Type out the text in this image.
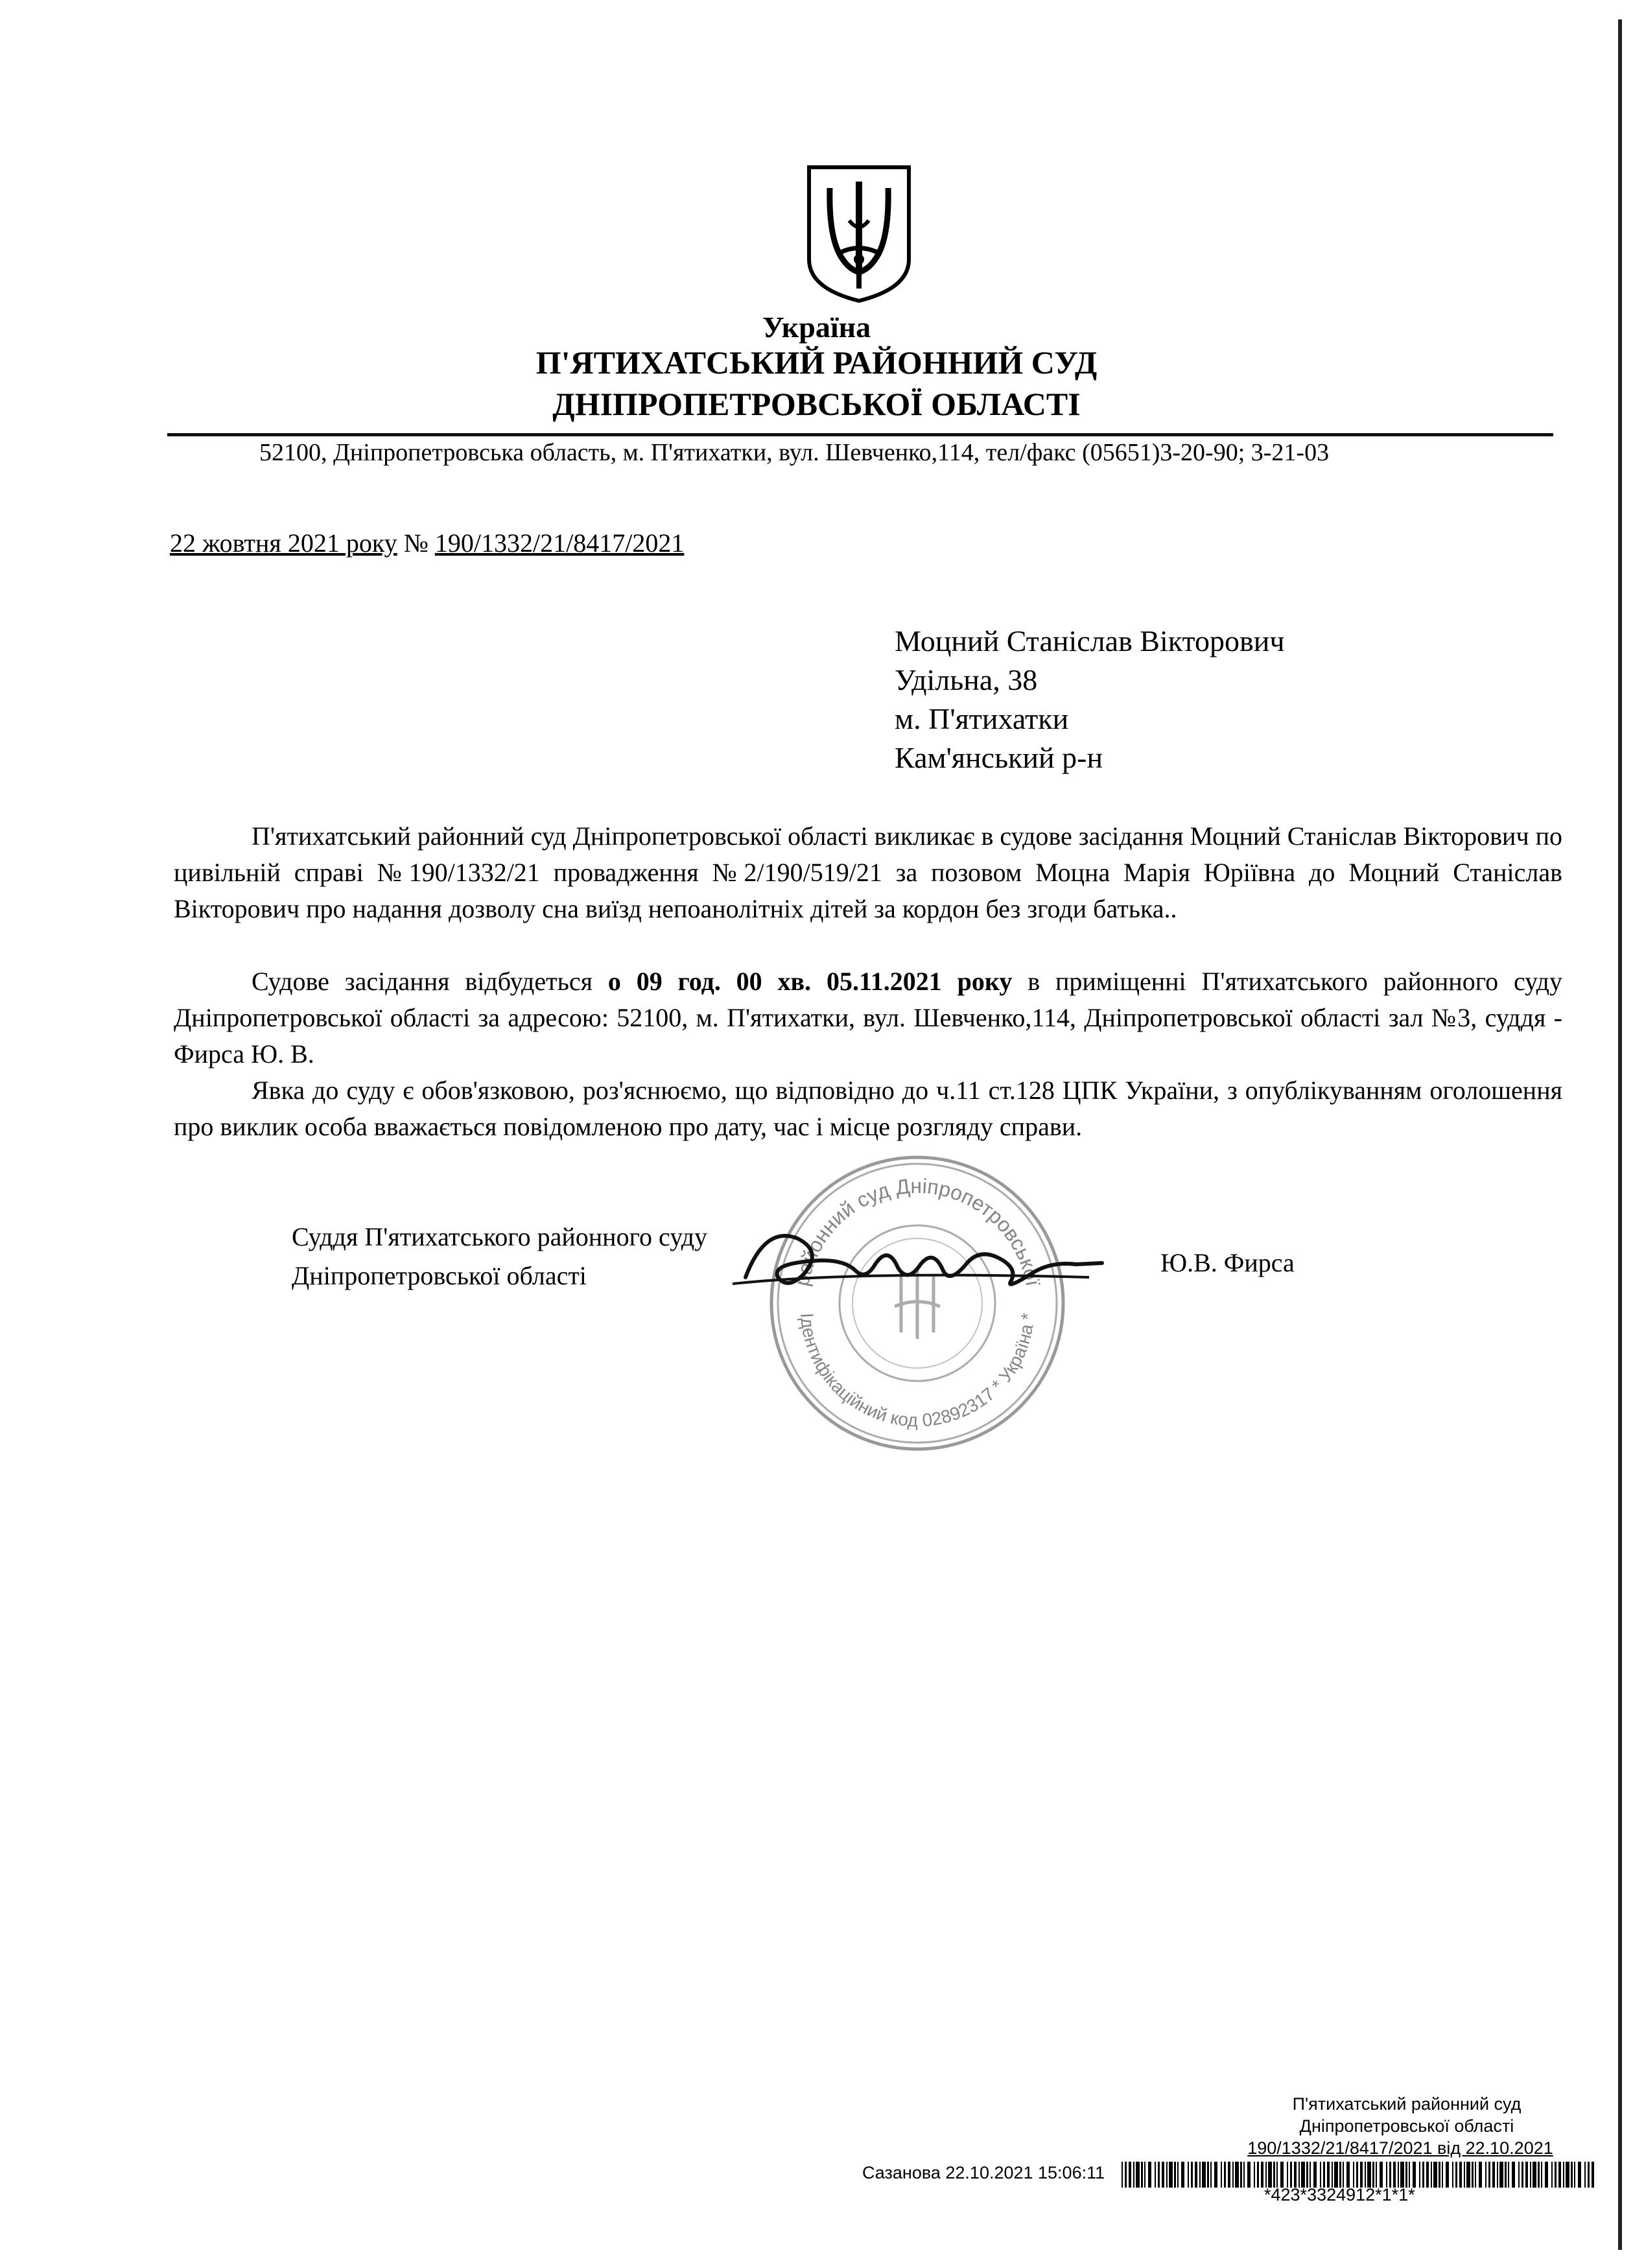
Україна
П'ЯТИХАТСЬКИЙ РАЙОННИЙ СУД
ДНІПРОПЕТРОВСЬКОЇ ОБЛАСТІ
52100, Дніпропетровська область, м. П'ятихатки, вул. Шевченко,114, тел/факс (05651)3-20-90; 3-21-03
22 жовтня 2021 року № 190/1332/21/8417/2021
Моцний Станіслав Вікторович
Удільна, 38
м. П'ятихатки
Кам'янський р-н
П'ятихатський районний суд Дніпропетровської області викликає в судове засідання Моцний Станіслав Вікторович по цивільній справі №190/1332/21 провадження №2/190/519/21 за позовом Моцна Марія Юріївна до Моцний Станіслав Вікторович про надання дозволу сна виїзд непоанолітніх дітей за кордон без згоди батька..
Судове засідання відбудеться о 09 год. 00 хв. 05.11.2021 року в приміщенні П'ятихатського районного суду Дніпропетровської області за адресою: 52100, м. П'ятихатки, вул. Шевченко,114, Дніпропетровської області зал №3, суддя - Фирса Ю. В.
Явка до суду є обов'язковою, роз'яснюємо, що відповідно до ч.11 ст.128 ЦПК України, з опублікуванням оголошення про виклик особа вважається повідомленою про дату, час і місце розгляду справи.
Суддя П'ятихатського районного суду
Дніпропетровської області	Ю.В. Фирса
районний суд Дніпропетровської
Ідентифікаційний код 02892317 * Україна *
П'ятихатський районний суд
Дніпропетровської області
190/1332/21/8417/2021 від 22.10.2021
Сазанова 22.10.2021 15:06:11
*423*3324912*1*1*
